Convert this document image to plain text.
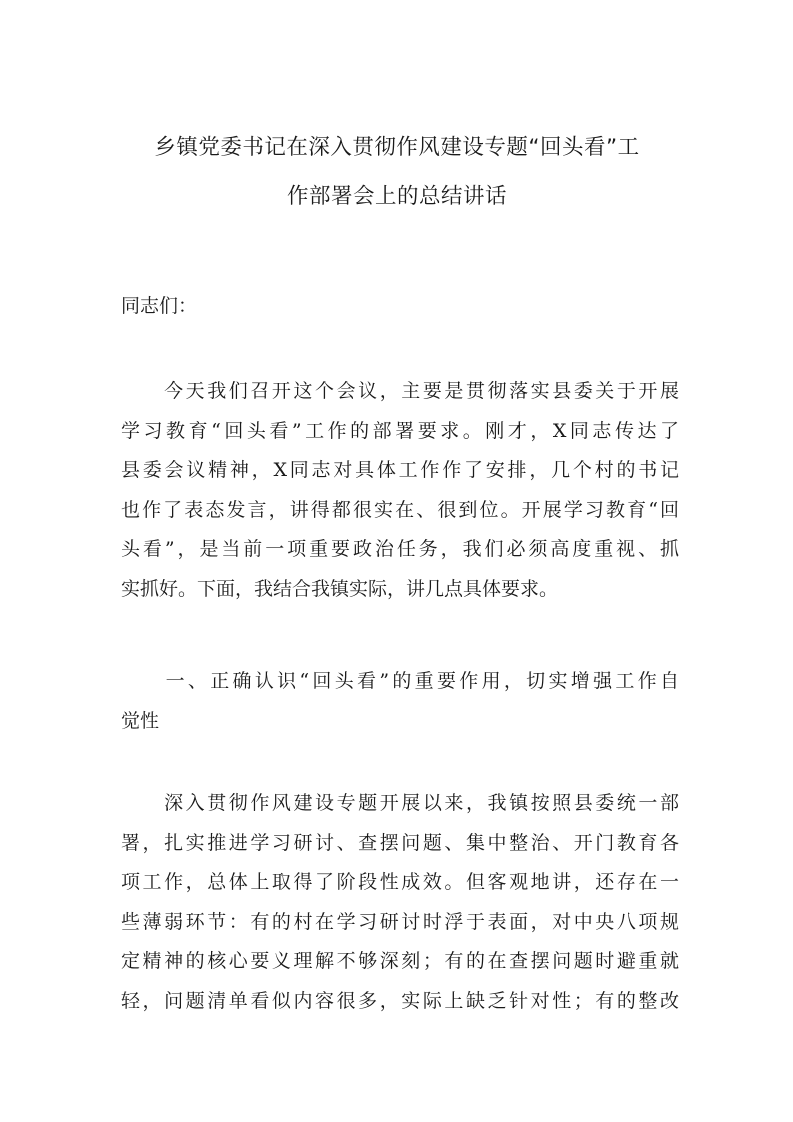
乡镇党委书记在深入贯彻作风建设专题“回头看”工
作部署会上的总结讲话

同志们：

　　今天我们召开这个会议，主要是贯彻落实县委关于开展
学习教育“回头看”工作的部署要求。刚才，X同志传达了
县委会议精神，X同志对具体工作作了安排，几个村的书记
也作了表态发言，讲得都很实在、很到位。开展学习教育“回
头看”，是当前一项重要政治任务，我们必须高度重视、抓
实抓好。下面，我结合我镇实际，讲几点具体要求。

　　一、正确认识“回头看”的重要作用，切实增强工作自
觉性

　　深入贯彻作风建设专题开展以来，我镇按照县委统一部
署，扎实推进学习研讨、查摆问题、集中整治、开门教育各
项工作，总体上取得了阶段性成效。但客观地讲，还存在一
些薄弱环节：有的村在学习研讨时浮于表面，对中央八项规
定精神的核心要义理解不够深刻；有的在查摆问题时避重就
轻，问题清单看似内容很多，实际上缺乏针对性；有的整改
